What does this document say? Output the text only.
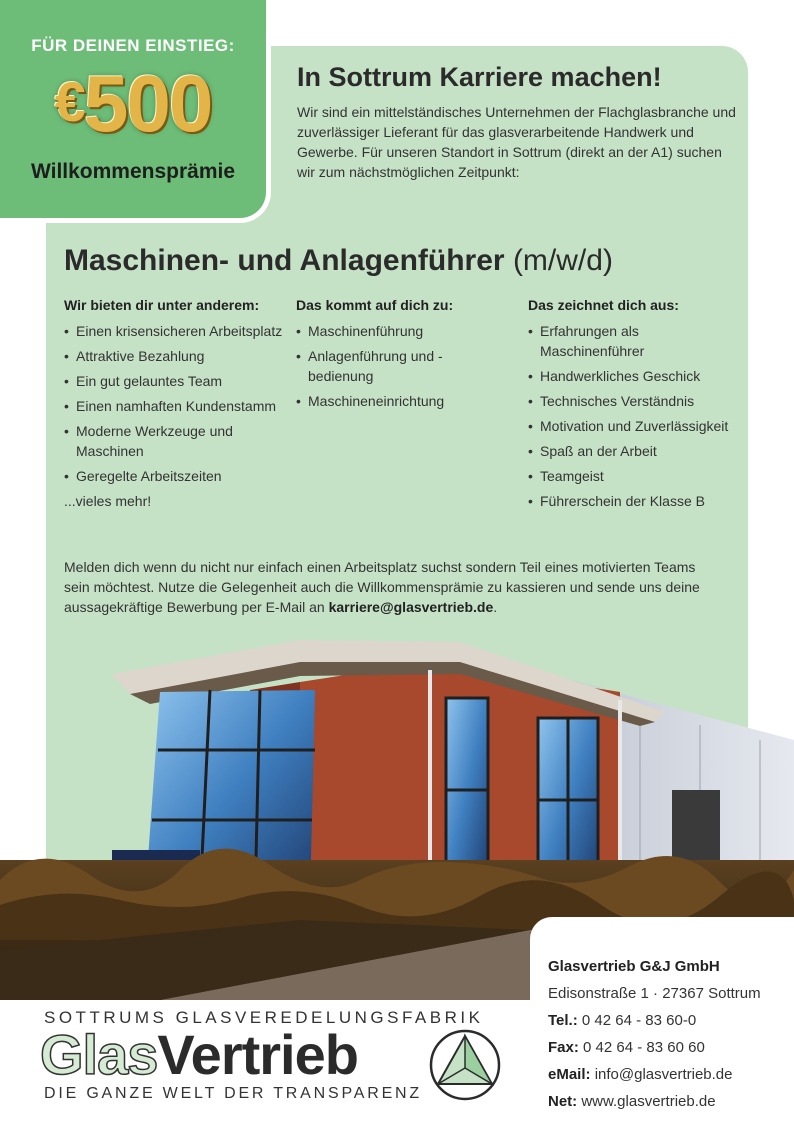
FÜR DEINEN EINSTIEG:
€500
Willkommensprämie
In Sottrum Karriere machen!

Wir sind ein mittelständisches Unternehmen der Flachglasbranche und zuverlässiger Lieferant für das glasverarbeitende Handwerk und Gewerbe. Für unseren Standort in Sottrum (direkt an der A1) suchen wir zum nächstmöglichen Zeitpunkt:

Maschinen- und Anlagenführer (m/w/d)
Wir bieten dir unter anderem:
• Einen krisensicheren Arbeitsplatz
• Attraktive Bezahlung
• Ein gut gelauntes Team
• Einen namhaften Kundenstamm
• Moderne Werkzeuge und Maschinen
• Geregelte Arbeitszeiten
...vieles mehr!
Das kommt auf dich zu:
• Maschinenführung
• Anlagenführung und -bedienung
• Maschineneinrichtung
Das zeichnet dich aus:
• Erfahrungen als Maschinenführer
• Handwerkliches Geschick
• Technisches Verständnis
• Motivation und Zuverlässigkeit
• Spaß an der Arbeit
• Teamgeist
• Führerschein der Klasse B

Melden dich wenn du nicht nur einfach einen Arbeitsplatz suchst sondern Teil eines motivierten Teams sein möchtest. Nutze die Gelegenheit auch die Willkommensprämie zu kassieren und sende uns deine aussagekräftige Bewerbung per E-Mail an karriere@glasvertrieb.de.

Glasvertrieb G&J GmbH
Edisonstraße 1 · 27367 Sottrum
Tel.: 0 42 64 - 83 60-0
Fax: 0 42 64 - 83 60 60
eMail: info@glasvertrieb.de
Net: www.glasvertrieb.de
SOTTRUMS GLASVEREDELUNGSFABRIK
GlasVertrieb
DIE GANZE WELT DER TRANSPARENZ
